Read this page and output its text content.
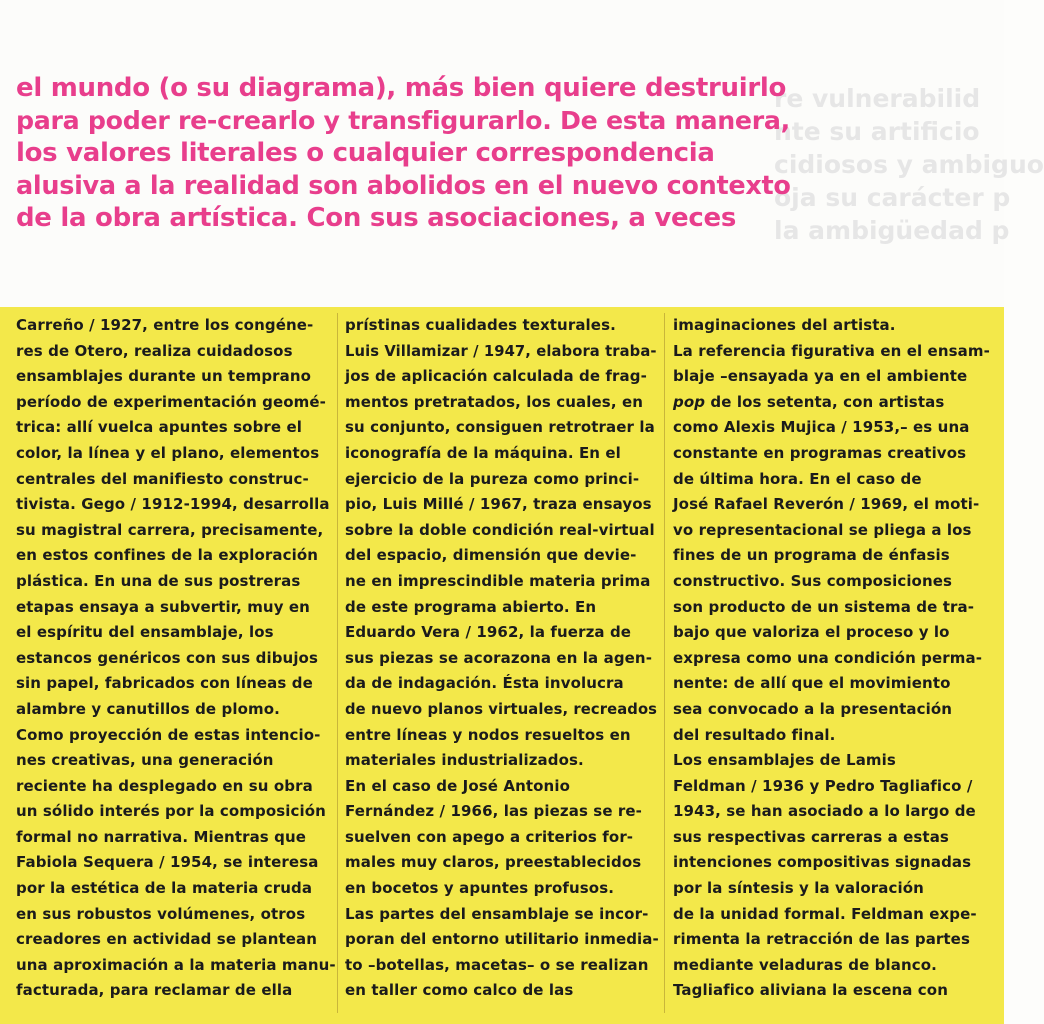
re vulnerabilid
nte su artificio
cidiosos y ambiguo
oja su carácter p
la ambigüedad p
el mundo (o su diagrama), más bien quiere destruirlo
para poder re-crearlo y transfigurarlo. De esta manera,
los valores literales o cualquier correspondencia
alusiva a la realidad son abolidos en el nuevo contexto
de la obra artística. Con sus asociaciones, a veces
Carreño / 1927, entre los congéne-
res de Otero, realiza cuidadosos
ensamblajes durante un temprano
período de experimentación geomé-
trica: allí vuelca apuntes sobre el
color, la línea y el plano, elementos
centrales del manifiesto construc-
tivista. Gego / 1912-1994, desarrolla
su magistral carrera, precisamente,
en estos confines de la exploración
plástica. En una de sus postreras
etapas ensaya a subvertir, muy en
el espíritu del ensamblaje, los
estancos genéricos con sus dibujos
sin papel, fabricados con líneas de
alambre y canutillos de plomo.
Como proyección de estas intencio-
nes creativas, una generación
reciente ha desplegado en su obra
un sólido interés por la composición
formal no narrativa. Mientras que
Fabiola Sequera / 1954, se interesa
por la estética de la materia cruda
en sus robustos volúmenes, otros
creadores en actividad se plantean
una aproximación a la materia manu-
facturada, para reclamar de ella
prístinas cualidades texturales.
Luis Villamizar / 1947, elabora traba-
jos de aplicación calculada de frag-
mentos pretratados, los cuales, en
su conjunto, consiguen retrotraer la
iconografía de la máquina. En el
ejercicio de la pureza como princi-
pio, Luis Millé / 1967, traza ensayos
sobre la doble condición real-virtual
del espacio, dimensión que devie-
ne en imprescindible materia prima
de este programa abierto. En
Eduardo Vera / 1962, la fuerza de
sus piezas se acorazona en la agen-
da de indagación. Ésta involucra
de nuevo planos virtuales, recreados
entre líneas y nodos resueltos en
materiales industrializados.
En el caso de José Antonio
Fernández / 1966, las piezas se re-
suelven con apego a criterios for-
males muy claros, preestablecidos
en bocetos y apuntes profusos.
Las partes del ensamblaje se incor-
poran del entorno utilitario inmedia-
to –botellas, macetas– o se realizan
en taller como calco de las
imaginaciones del artista.
La referencia figurativa en el ensam-
blaje –ensayada ya en el ambiente
pop de los setenta, con artistas
como Alexis Mujica / 1953,– es una
constante en programas creativos
de última hora. En el caso de
José Rafael Reverón / 1969, el moti-
vo representacional se pliega a los
fines de un programa de énfasis
constructivo. Sus composiciones
son producto de un sistema de tra-
bajo que valoriza el proceso y lo
expresa como una condición perma-
nente: de allí que el movimiento
sea convocado a la presentación
del resultado final.
Los ensamblajes de Lamis
Feldman / 1936 y Pedro Tagliafico /
1943, se han asociado a lo largo de
sus respectivas carreras a estas
intenciones compositivas signadas
por la síntesis y la valoración
de la unidad formal. Feldman expe-
rimenta la retracción de las partes
mediante veladuras de blanco.
Tagliafico aliviana la escena con
